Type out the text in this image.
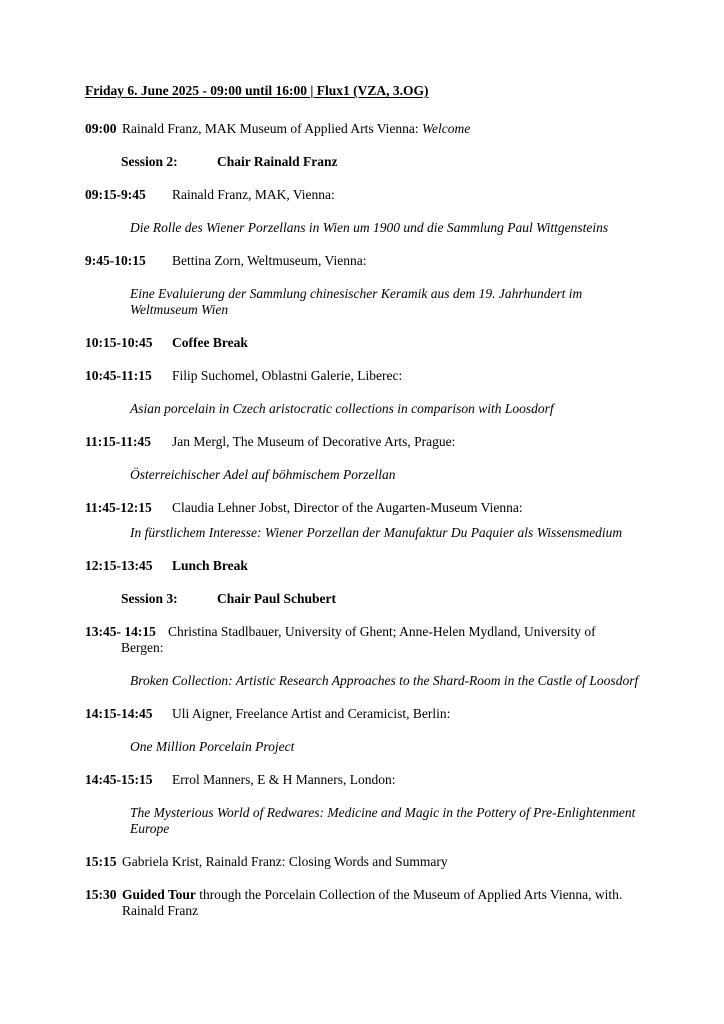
Friday 6. June 2025 - 09:00 until 16:00 | Flux1 (VZA, 3.OG)

09:00 Rainald Franz, MAK Museum of Applied Arts Vienna: Welcome

Session 2:	Chair Rainald Franz

09:15-9:45 Rainald Franz, MAK, Vienna:

Die Rolle des Wiener Porzellans in Wien um 1900 und die Sammlung Paul Wittgensteins

9:45-10:15 Bettina Zorn, Weltmuseum, Vienna:

Eine Evaluierung der Sammlung chinesischer Keramik aus dem 19. Jahrhundert im
Weltmuseum Wien

10:15-10:45 Coffee Break

10:45-11:15 Filip Suchomel, Oblastni Galerie, Liberec:

Asian porcelain in Czech aristocratic collections in comparison with Loosdorf

11:15-11:45 Jan Mergl, The Museum of Decorative Arts, Prague:

Österreichischer Adel auf böhmischem Porzellan

11:45-12:15 Claudia Lehner Jobst, Director of the Augarten-Museum Vienna:

In fürstlichem Interesse: Wiener Porzellan der Manufaktur Du Paquier als Wissensmedium

12:15-13:45 Lunch Break

Session 3:	Chair Paul Schubert

13:45- 14:15 Christina Stadlbauer, University of Ghent; Anne-Helen Mydland, University of
Bergen:

Broken Collection: Artistic Research Approaches to the Shard-Room in the Castle of Loosdorf

14:15-14:45 Uli Aigner, Freelance Artist and Ceramicist, Berlin:

One Million Porcelain Project

14:45-15:15 Errol Manners, E & H Manners, London:

The Mysterious World of Redwares: Medicine and Magic in the Pottery of Pre-Enlightenment
Europe

15:15 Gabriela Krist, Rainald Franz: Closing Words and Summary

15:30 Guided Tour through the Porcelain Collection of the Museum of Applied Arts Vienna, with.
Rainald Franz
